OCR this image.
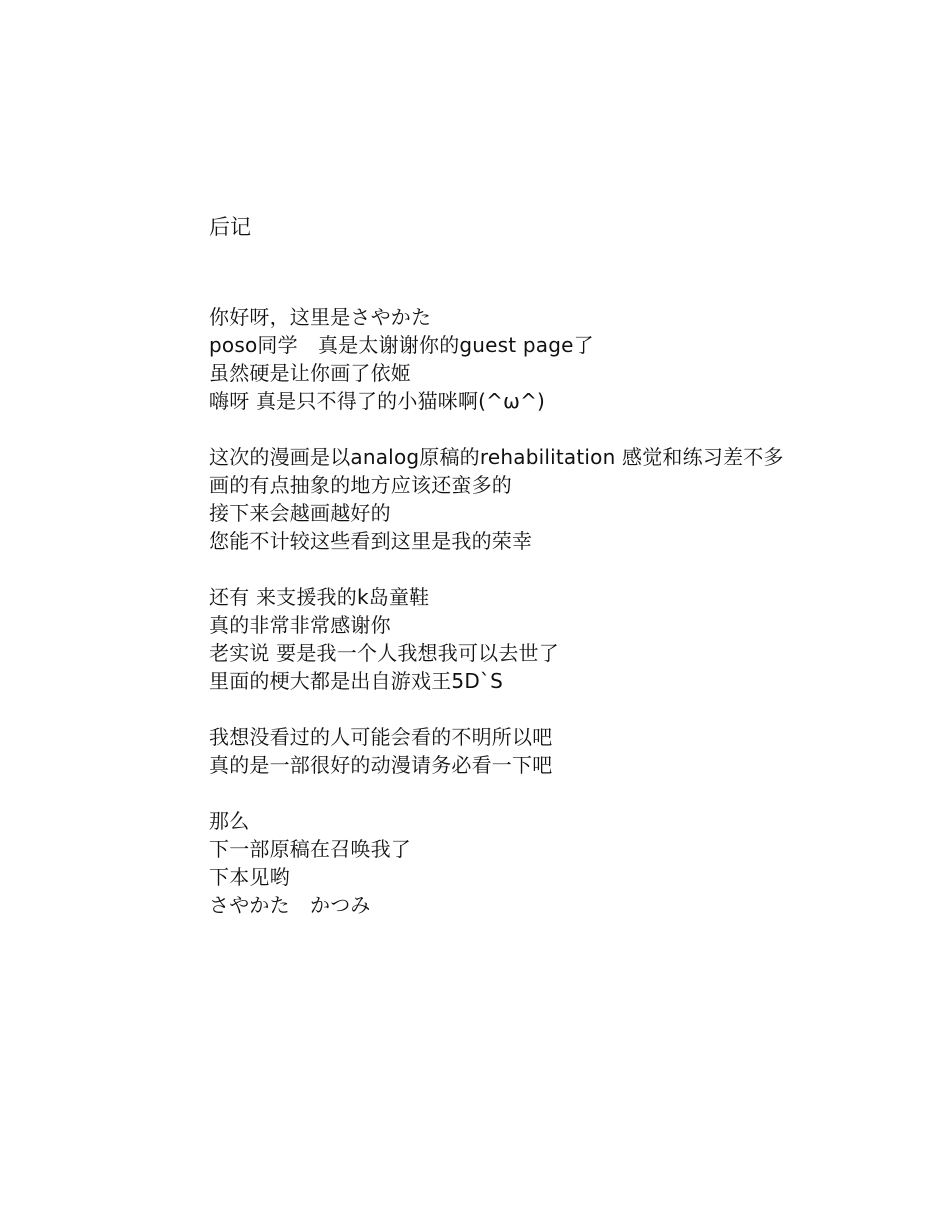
后记
你好呀，这里是さやかた
poso同学　真是太谢谢你的guest page了
虽然硬是让你画了依姬
嗨呀 真是只不得了的小猫咪啊(^ω^)
这次的漫画是以analog原稿的rehabilitation 感觉和练习差不多
画的有点抽象的地方应该还蛮多的
接下来会越画越好的
您能不计较这些看到这里是我的荣幸
还有 来支援我的k岛童鞋
真的非常非常感谢你
老实说 要是我一个人我想我可以去世了
里面的梗大都是出自游戏王5D`S
我想没看过的人可能会看的不明所以吧
真的是一部很好的动漫请务必看一下吧
那么
下一部原稿在召唤我了
下本见哟
さやかた　かつみ
